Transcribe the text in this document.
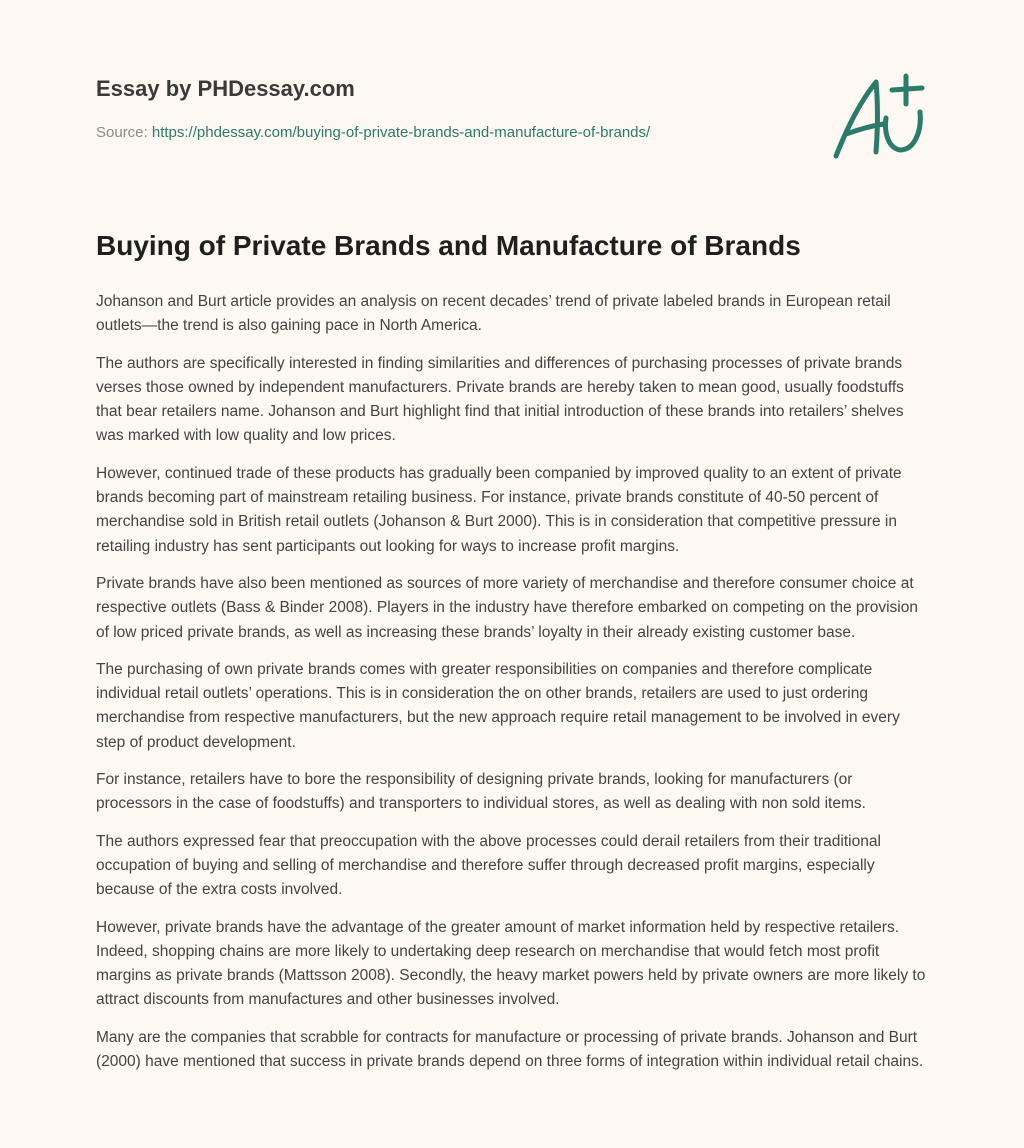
Essay by PHDessay.com
Source: https://phdessay.com/buying-of-private-brands-and-manufacture-of-brands/
Buying of Private Brands and Manufacture of Brands

Johanson and Burt article provides an analysis on recent decades’ trend of private labeled brands in European retail outlets—the trend is also gaining pace in North America.

The authors are specifically interested in finding similarities and differences of purchasing processes of private brands verses those owned by independent manufacturers. Private brands are hereby taken to mean good, usually foodstuffs that bear retailers name. Johanson and Burt highlight find that initial introduction of these brands into retailers’ shelves was marked with low quality and low prices.

However, continued trade of these products has gradually been companied by improved quality to an extent of private brands becoming part of mainstream retailing business. For instance, private brands constitute of 40-50 percent of merchandise sold in British retail outlets (Johanson & Burt 2000). This is in consideration that competitive pressure in retailing industry has sent participants out looking for ways to increase profit margins.

Private brands have also been mentioned as sources of more variety of merchandise and therefore consumer choice at respective outlets (Bass & Binder 2008). Players in the industry have therefore embarked on competing on the provision of low priced private brands, as well as increasing these brands’ loyalty in their already existing customer base.

The purchasing of own private brands comes with greater responsibilities on companies and therefore complicate individual retail outlets’ operations. This is in consideration the on other brands, retailers are used to just ordering merchandise from respective manufacturers, but the new approach require retail management to be involved in every step of product development.

For instance, retailers have to bore the responsibility of designing private brands, looking for manufacturers (or processors in the case of foodstuffs) and transporters to individual stores, as well as dealing with non sold items.

The authors expressed fear that preoccupation with the above processes could derail retailers from their traditional occupation of buying and selling of merchandise and therefore suffer through decreased profit margins, especially because of the extra costs involved.

However, private brands have the advantage of the greater amount of market information held by respective retailers. Indeed, shopping chains are more likely to undertaking deep research on merchandise that would fetch most profit margins as private brands (Mattsson 2008). Secondly, the heavy market powers held by private owners are more likely to attract discounts from manufactures and other businesses involved.

Many are the companies that scrabble for contracts for manufacture or processing of private brands. Johanson and Burt (2000) have mentioned that success in private brands depend on three forms of integration within individual retail chains.
